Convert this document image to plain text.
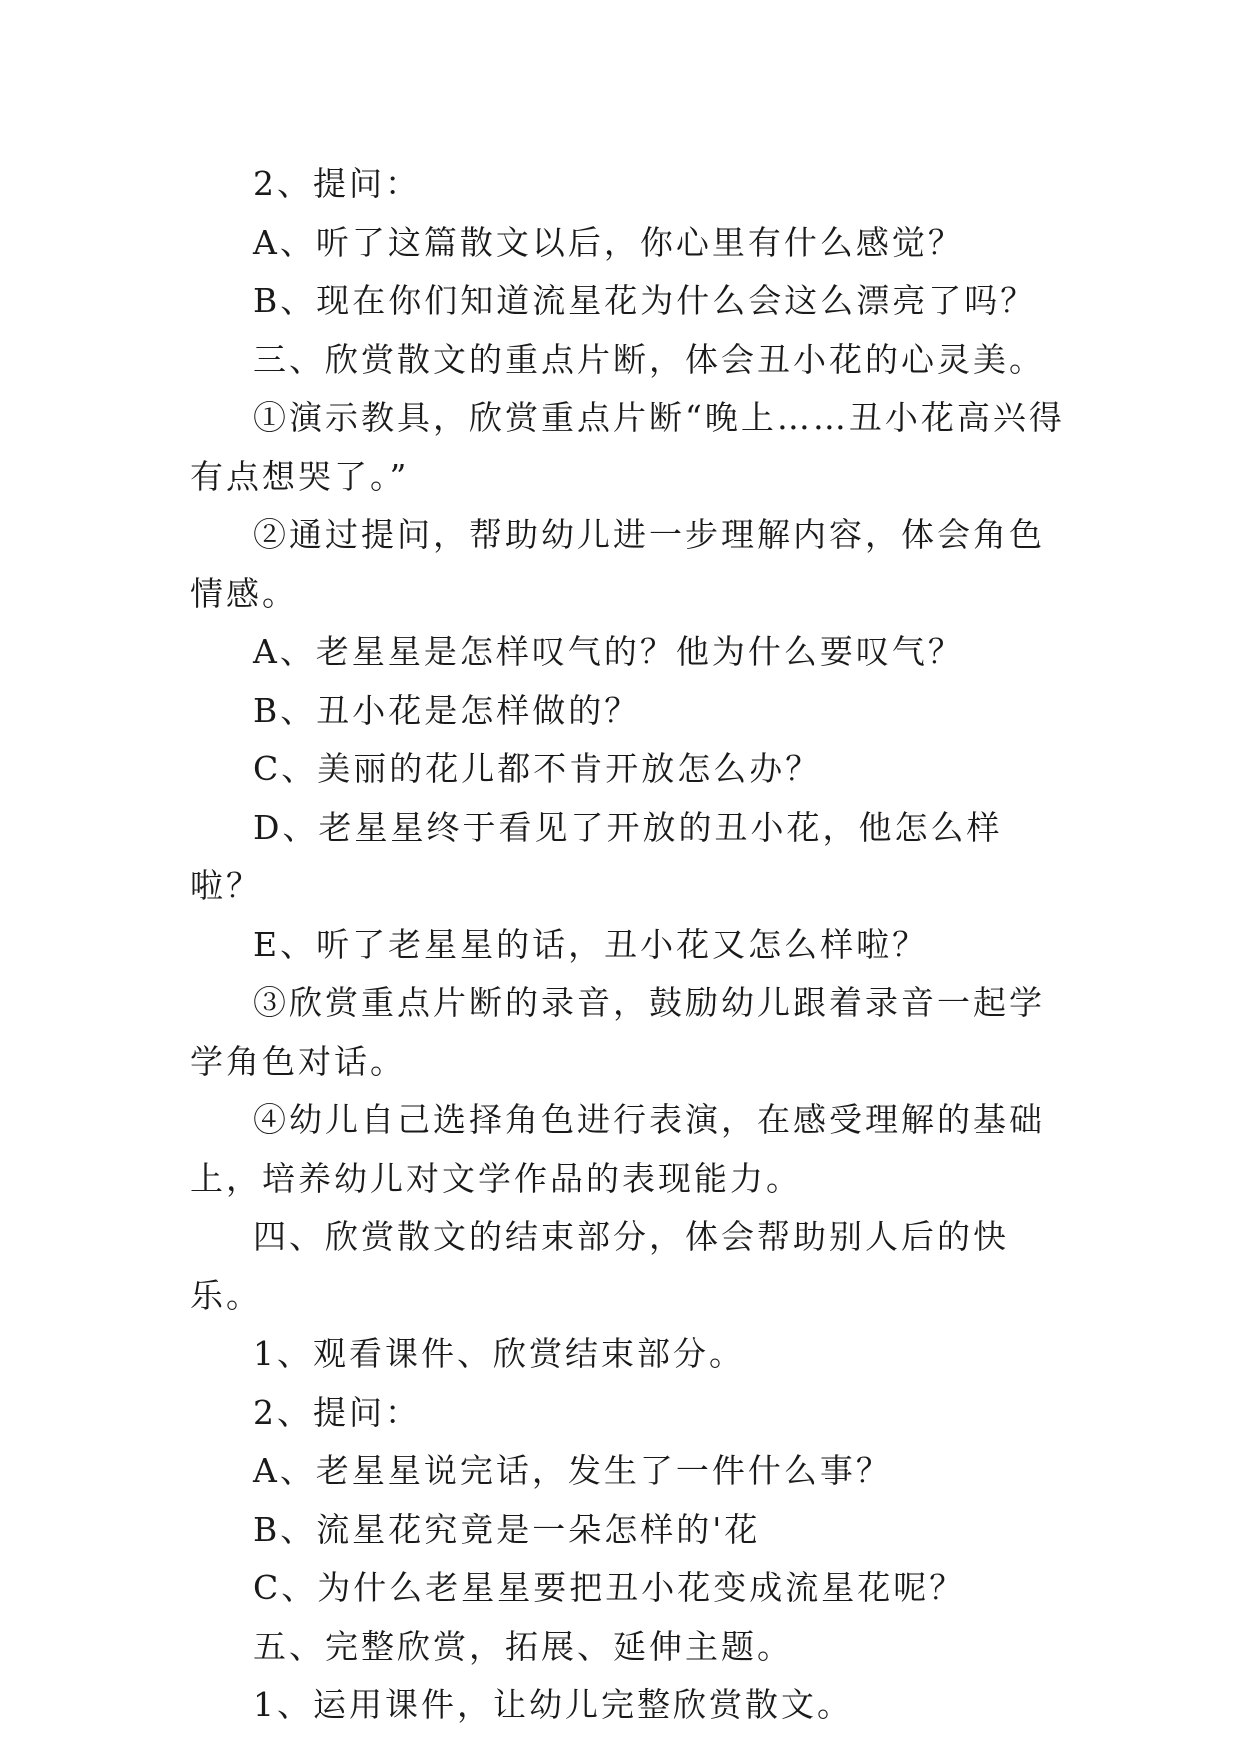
2、提问：

A、听了这篇散文以后，你心里有什么感觉？

B、现在你们知道流星花为什么会这么漂亮了吗？

三、欣赏散文的重点片断，体会丑小花的心灵美。

①演示教具，欣赏重点片断“晚上……丑小花高兴得有点想哭了。”

②通过提问，帮助幼儿进一步理解内容，体会角色情感。

A、老星星是怎样叹气的？他为什么要叹气？

B、丑小花是怎样做的？

C、美丽的花儿都不肯开放怎么办？

D、老星星终于看见了开放的丑小花，他怎么样啦？

E、听了老星星的话，丑小花又怎么样啦？

③欣赏重点片断的录音，鼓励幼儿跟着录音一起学学角色对话。

④幼儿自己选择角色进行表演，在感受理解的基础上，培养幼儿对文学作品的表现能力。

四、欣赏散文的结束部分，体会帮助别人后的快乐。

1、观看课件、欣赏结束部分。

2、提问：

A、老星星说完话，发生了一件什么事？

B、流星花究竟是一朵怎样的'花

C、为什么老星星要把丑小花变成流星花呢？

五、完整欣赏，拓展、延伸主题。

1、运用课件，让幼儿完整欣赏散文。
